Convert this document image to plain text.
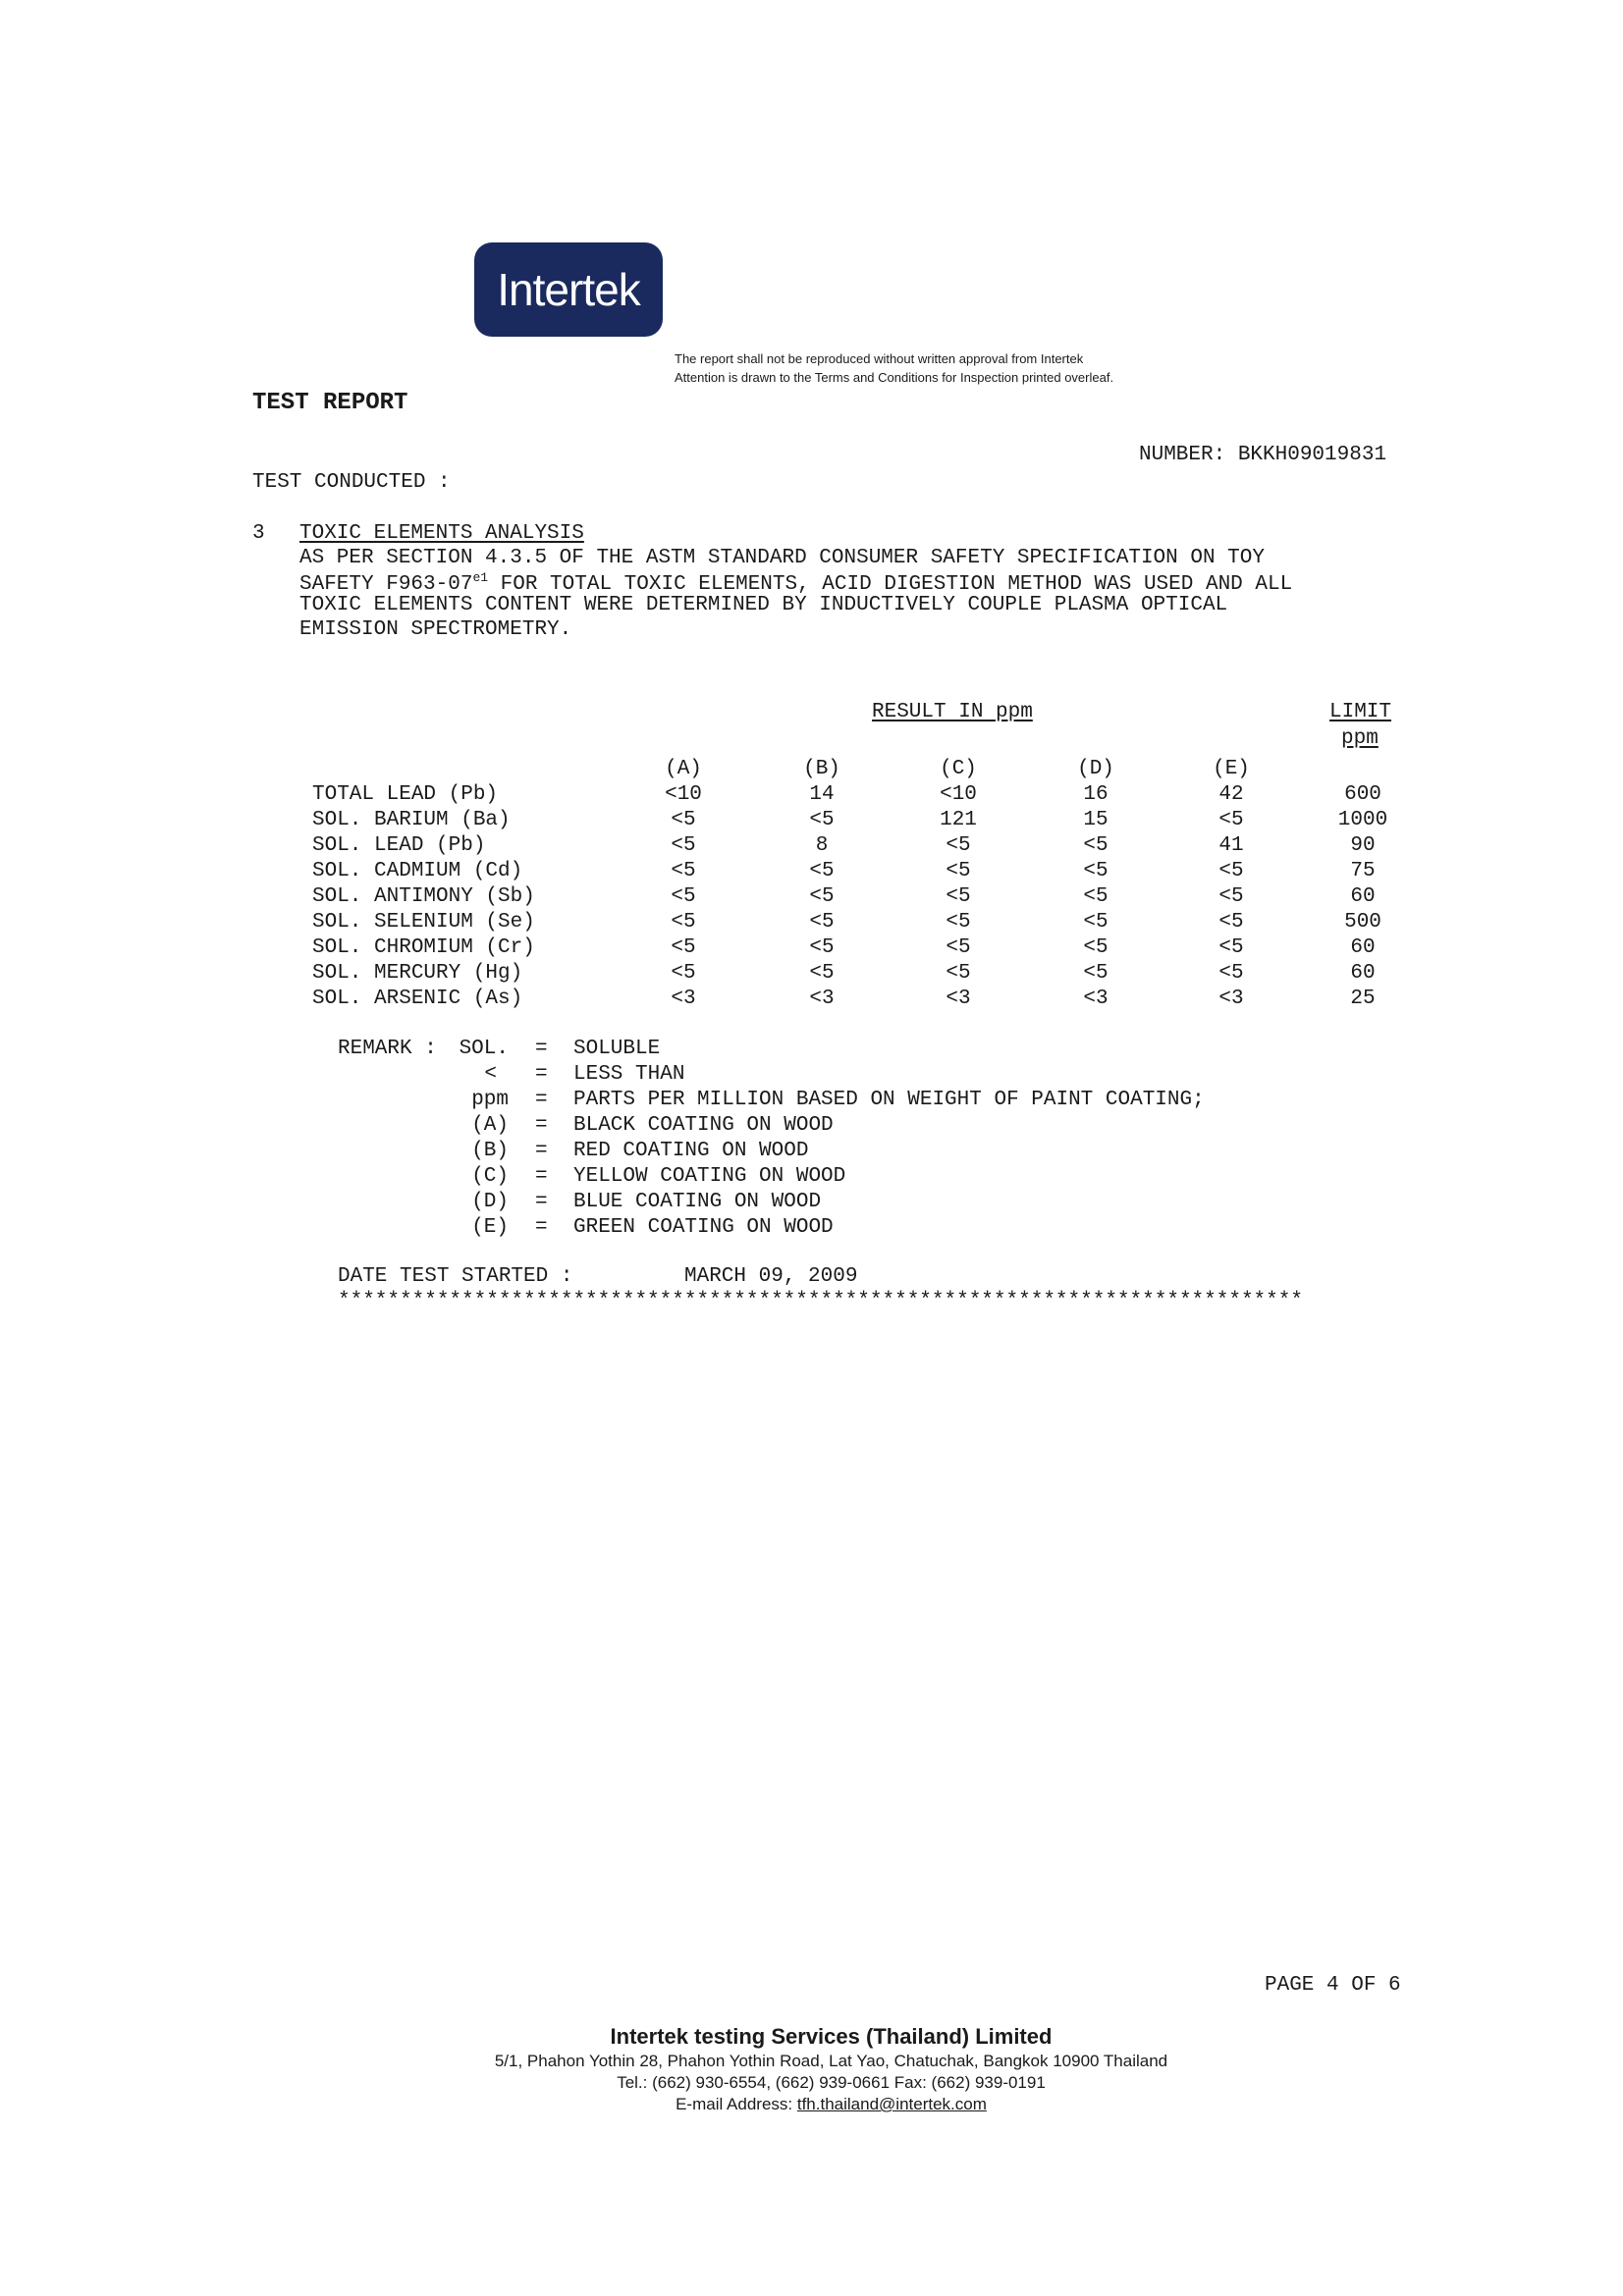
Intertek
The report shall not be reproduced without written approval from Intertek
Attention is drawn to the Terms and Conditions for Inspection printed overleaf.
TEST REPORT
NUMBER: BKKH09019831
TEST CONDUCTED :
3 TOXIC ELEMENTS ANALYSIS
AS PER SECTION 4.3.5 OF THE ASTM STANDARD CONSUMER SAFETY SPECIFICATION ON TOY
SAFETY $F963-07^{e1}$ FOR TOTAL TOXIC ELEMENTS, ACID DIGESTION METHOD WAS USED AND ALL
TOXIC ELEMENTS CONTENT WERE DETERMINED BY INDUCTIVELY COUPLE PLASMA OPTICAL
EMISSION SPECTROMETRY.
RESULT IN ppm	LIMIT
ppm
(A)	(B)	(C)	(D)	(E)
TOTAL LEAD (Pb)	<10	14	<10	16	42	600
SOL. BARIUM (Ba)	<5	<5	121	15	<5	1000
SOL. LEAD (Pb)	<5	8	<5	<5	41	90
SOL. CADMIUM (Cd)	<5	<5	<5	<5	<5	75
SOL. ANTIMONY (Sb)	<5	<5	<5	<5	<5	60
SOL. SELENIUM (Se)	<5	<5	<5	<5	<5	500
SOL. CHROMIUM (Cr)	<5	<5	<5	<5	<5	60
SOL. MERCURY (Hg)	<5	<5	<5	<5	<5	60
SOL. ARSENIC (As)	<3	<3	<3	<3	<3	25
REMARK :	SOL. = SOLUBLE
< = LESS THAN
ppm = PARTS PER MILLION BASED ON WEIGHT OF PAINT COATING;
(A) = BLACK COATING ON WOOD
(B) = RED COATING ON WOOD
(C) = YELLOW COATING ON WOOD
(D) = BLUE COATING ON WOOD
(E) = GREEN COATING ON WOOD
DATE TEST STARTED :	MARCH 09, 2009
******************************************************************************
PAGE 4 OF 6
Intertek testing Services (Thailand) Limited
5/1, Phahon Yothin 28, Phahon Yothin Road, Lat Yao, Chatuchak, Bangkok 10900 Thailand
Tel.: (662) 930-6554, (662) 939-0661 Fax: (662) 939-0191
E-mail Address: tfh.thailand@intertek.com
